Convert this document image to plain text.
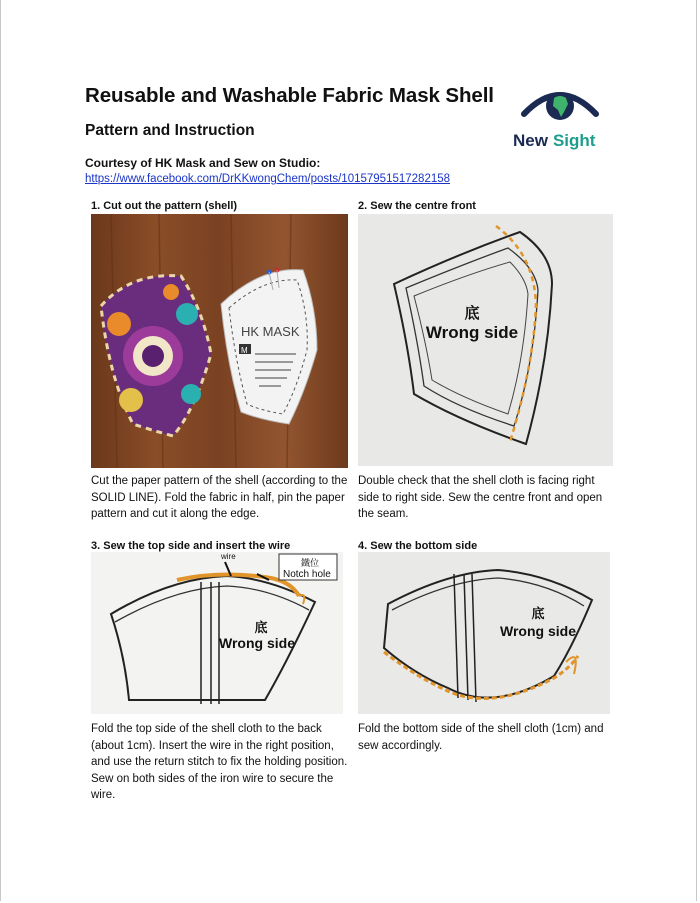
Reusable and Washable Fabric Mask Shell
Pattern and Instruction
Courtesy of HK Mask and Sew on Studio:
https://www.facebook.com/DrKKwongChem/posts/10157951517282158
New Sight
1. Cut out the pattern (shell)
HK MASK
M
Cut the paper pattern of the shell (according to the SOLID LINE). Fold the fabric in half, pin the paper pattern and cut it along the edge.
2. Sew the centre front
底
Wrong side
Double check that the shell cloth is facing right side to right side. Sew the centre front and open the seam.
3. Sew the top side and insert the wire
鐵位
Notch hole
wire
底
Wrong side
Fold the top side of the shell cloth to the back (about 1cm). Insert the wire in the right position, and use the return stitch to fix the holding position. Sew on both sides of the iron wire to secure the wire.
4. Sew the bottom side
底
Wrong side
Fold the bottom side of the shell cloth (1cm) and sew accordingly.
